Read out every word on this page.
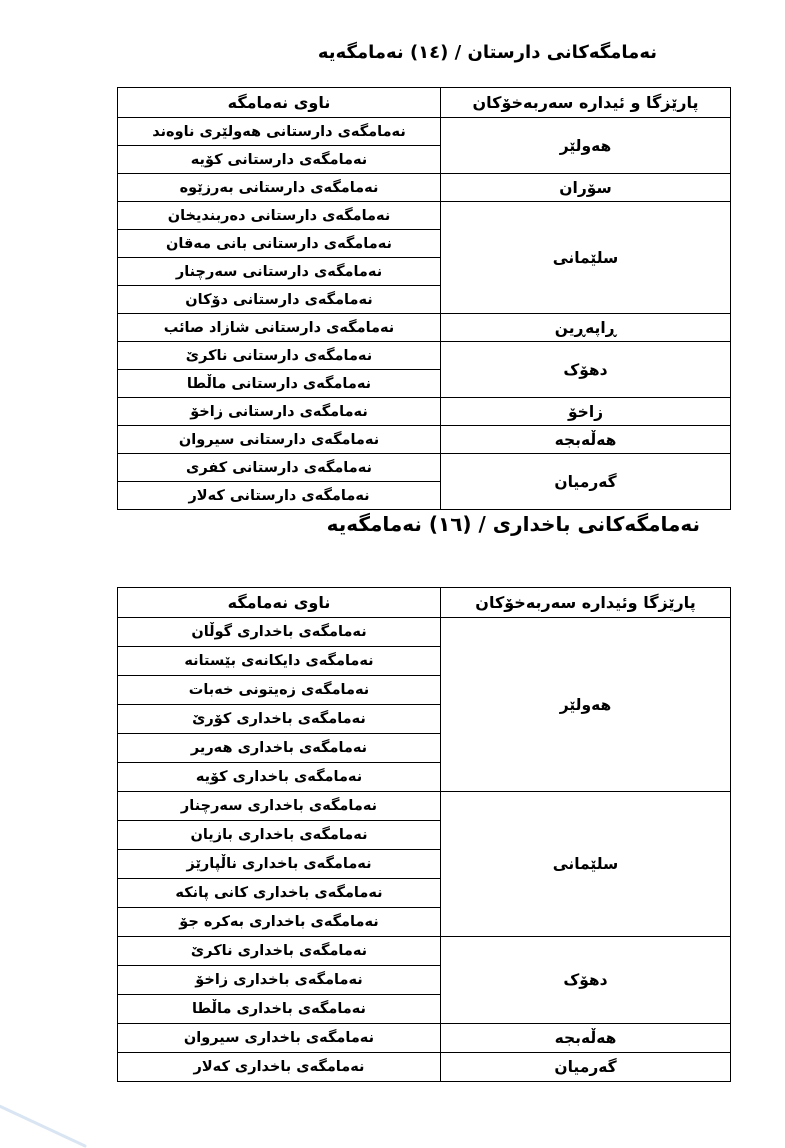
نەمامگەکانی دارستان / (١٤) نەمامگەیە
پارێزگا و ئیدارە سەربەخۆکان	ناوی نەمامگە
هەولێر	نەمامگەی دارستانی هەولێری ناوەند
	نەمامگەی دارستانی کۆیە
سۆران	نەمامگەی دارستانی بەرزێوە
سلێمانی	نەمامگەی دارستانی دەربندیخان
	نەمامگەی دارستانی بانی مەقان
	نەمامگەی دارستانی سەرچنار
	نەمامگەی دارستانی دۆکان
ڕاپەڕین	نەمامگەی دارستانی شازاد صائب
دهۆک	نەمامگەی دارستانی ناکرێ
	نەمامگەی دارستانی ماڵطا
زاخۆ	نەمامگەی دارستانی زاخۆ
هەڵەبجە	نەمامگەی دارستانی سیروان
گەرمیان	نەمامگەی دارستانی کفری
	نەمامگەی دارستانی کەلار
نەمامگەکانی باخداری / (١٦) نەمامگەیە
پارێزگا وئیدارە سەربەخۆکان	ناوی نەمامگە
هەولێر	نەمامگەی باخداری گوڵان
	نەمامگەی دایکانەی بێستانە
	نەمامگەی زەیتونی خەبات
	نەمامگەی باخداری کۆرێ
	نەمامگەی باخداری هەریر
	نەمامگەی باخداری کۆیە
سلێمانی	نەمامگەی باخداری سەرچنار
	نەمامگەی باخداری بازیان
	نەمامگەی باخداری ناڵپارێز
	نەمامگەی باخداری کانی پانکە
	نەمامگەی باخداری بەکرە جۆ
دهۆک	نەمامگەی باخداری ناکرێ
	نەمامگەی باخداری زاخۆ
	نەمامگەی باخداری ماڵطا
هەڵەبجە	نەمامگەی باخداری سیروان
گەرمیان	نەمامگەی باخداری کەلار
